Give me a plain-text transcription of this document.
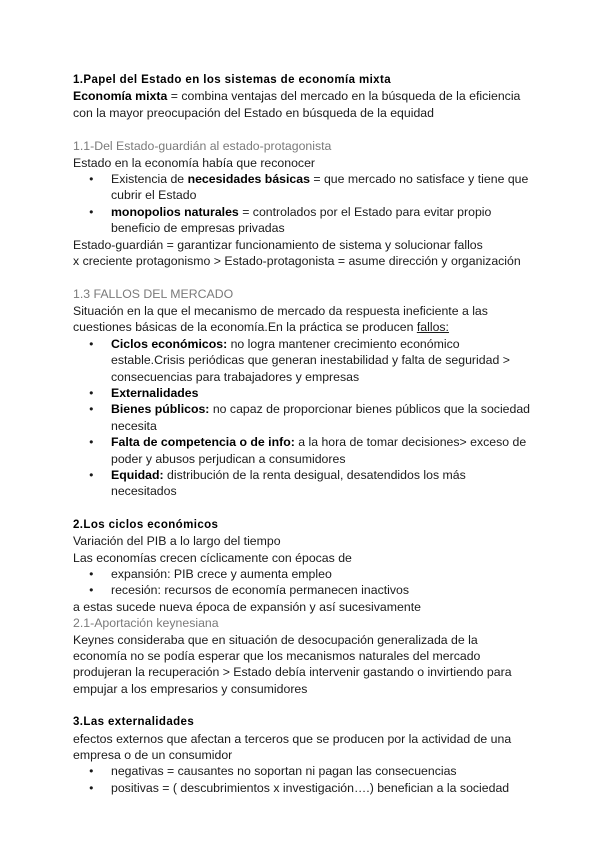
1.Papel del Estado en los sistemas de economía mixta
Economía mixta = combina ventajas del mercado en la búsqueda de la eficiencia con la mayor preocupación del Estado en búsqueda de la equidad
1.1-Del Estado-guardián al estado-protagonista
Estado en la economía había que reconocer
● Existencia de necesidades básicas = que mercado no satisface y tiene que cubrir el Estado
● monopolios naturales = controlados por el Estado para evitar propio beneficio de empresas privadas
Estado-guardián = garantizar funcionamiento de sistema y solucionar fallos
x creciente protagonismo > Estado-protagonista = asume dirección y organización
1.3 FALLOS DEL MERCADO
Situación en la que el mecanismo de mercado da respuesta ineficiente a las cuestiones básicas de la economía.En la práctica se producen fallos:
● Ciclos económicos: no logra mantener crecimiento económico estable.Crisis periódicas que generan inestabilidad y falta de seguridad > consecuencias para trabajadores y empresas
● Externalidades
● Bienes públicos: no capaz de proporcionar bienes públicos que la sociedad necesita
● Falta de competencia o de info: a la hora de tomar decisiones> exceso de poder y abusos perjudican a consumidores
● Equidad: distribución de la renta desigual, desatendidos los más necesitados
2.Los ciclos económicos
Variación del PIB a lo largo del tiempo
Las economías crecen cíclicamente con épocas de
● expansión: PIB crece y aumenta empleo
● recesión: recursos de economía permanecen inactivos
a estas sucede nueva época de expansión y así sucesivamente
2.1-Aportación keynesiana
Keynes consideraba que en situación de desocupación generalizada de la economía no se podía esperar que los mecanismos naturales del mercado produjeran la recuperación > Estado debía intervenir gastando o invirtiendo para empujar a los empresarios y consumidores
3.Las externalidades
efectos externos que afectan a terceros que se producen por la actividad de una empresa o de un consumidor
● negativas = causantes no soportan ni pagan las consecuencias
● positivas = ( descubrimientos x investigación….) benefician a la sociedad
